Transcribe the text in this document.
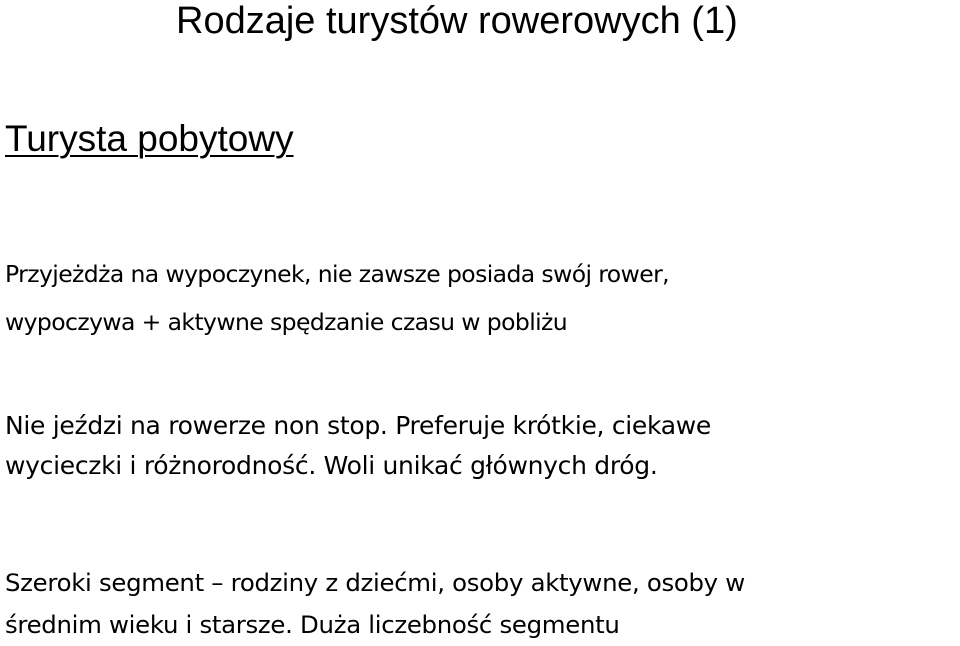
Rodzaje turystów rowerowych (1)
Turysta pobytowy
Przyjeżdża na wypoczynek, nie zawsze posiada swój rower,
wypoczywa + aktywne spędzanie czasu w pobliżu
Nie jeździ na rowerze non stop. Preferuje krótkie, ciekawe
wycieczki i różnorodność. Woli unikać głównych dróg.
Szeroki segment – rodziny z dziećmi, osoby aktywne, osoby w
średnim wieku i starsze. Duża liczebność segmentu
